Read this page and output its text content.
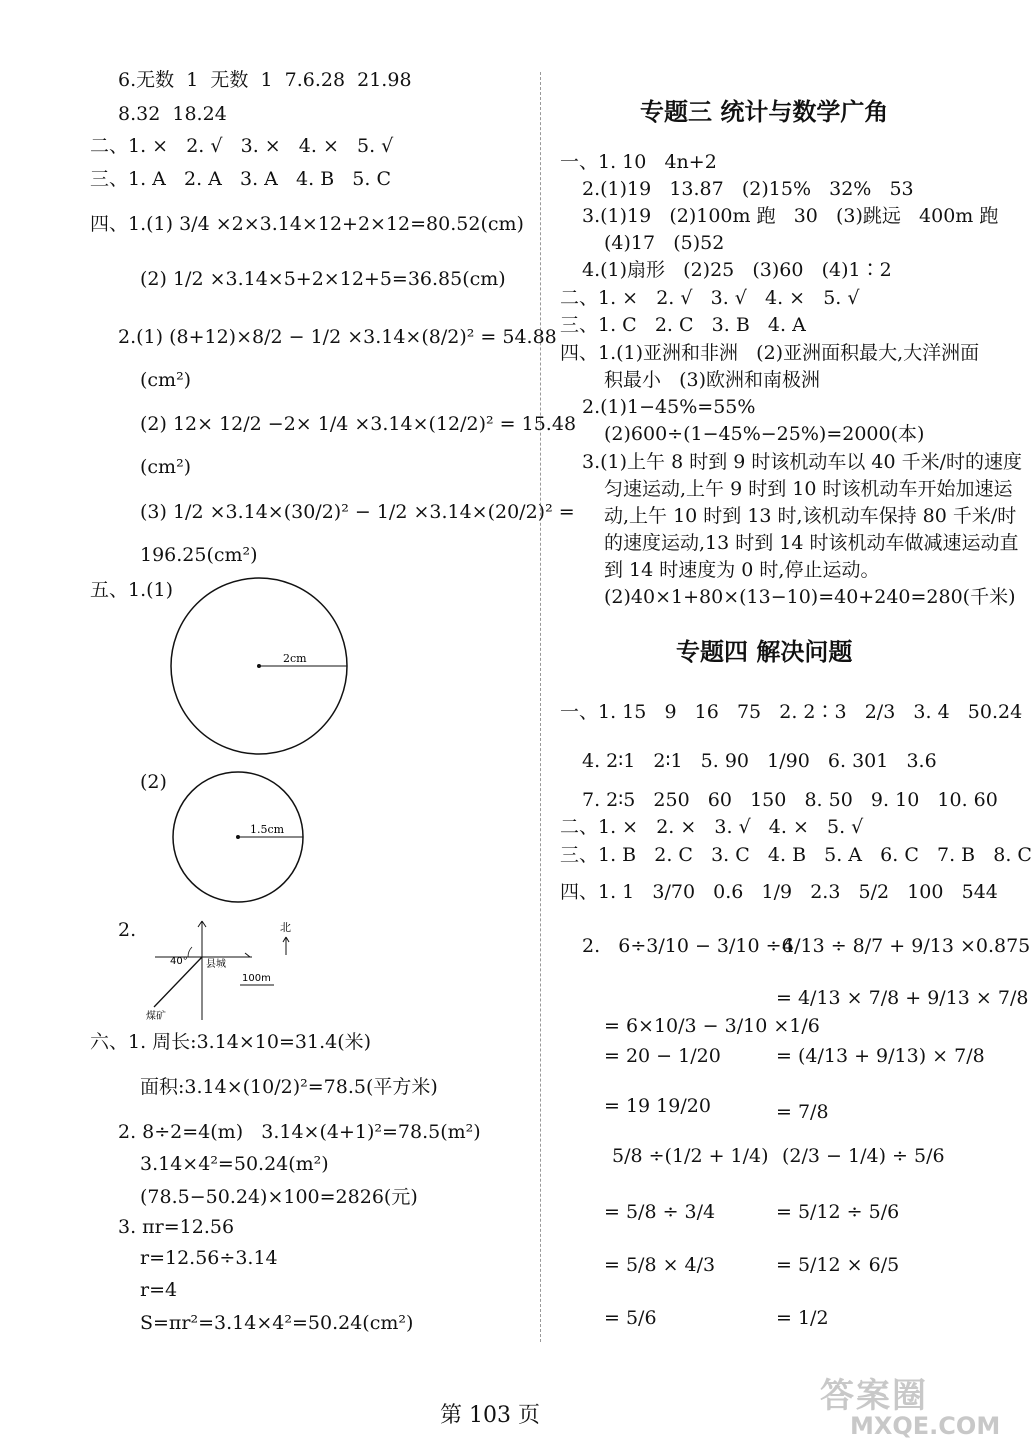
6.无数  1  无数  1  7.6.28  21.98
8.32  18.24
二、1. ×   2. √   3. ×   4. ×   5. √
三、1. A   2. A   3. A   4. B   5. C
四、1.(1) 3/4 ×2×3.14×12+2×12=80.52(cm)
(2) 1/2 ×3.14×5+2×12+5=36.85(cm)
2.(1) (8+12)×8/2 − 1/2 ×3.14×(8/2)² = 54.88
(cm²)
(2) 12× 12/2 −2× 1/4 ×3.14×(12/2)² = 15.48
(cm²)
(3) 1/2 ×3.14×(30/2)² − 1/2 ×3.14×(20/2)² =
196.25(cm²)
五、1.(1)
2cm
(2)
1.5cm
2.
40° 县城
100m
煤矿
北
六、1. 周长:3.14×10=31.4(米)
面积:3.14×(10/2)²=78.5(平方米)
2. 8÷2=4(m)   3.14×(4+1)²=78.5(m²)
3.14×4²=50.24(m²)
(78.5−50.24)×100=2826(元)
3. πr=12.56
r=12.56÷3.14
r=4
S=πr²=3.14×4²=50.24(cm²)
专题三 统计与数学广角
一、1. 10   4n+2
2.(1)19   13.87   (2)15%   32%   53
3.(1)19   (2)100m 跑   30   (3)跳远   400m 跑
(4)17   (5)52
4.(1)扇形   (2)25   (3)60   (4)1∶2
二、1. ×   2. √   3. √   4. ×   5. √
三、1. C   2. C   3. B   4. A
四、1.(1)亚洲和非洲   (2)亚洲面积最大,大洋洲面
积最小   (3)欧洲和南极洲
2.(1)1−45%=55%
(2)600÷(1−45%−25%)=2000(本)
3.(1)上午 8 时到 9 时该机动车以 40 千米/时的速度
匀速运动,上午 9 时到 10 时该机动车开始加速运
动,上午 10 时到 13 时,该机动车保持 80 千米/时
的速度运动,13 时到 14 时该机动车做减速运动直
到 14 时速度为 0 时,停止运动。
(2)40×1+80×(13−10)=40+240=280(千米)
专题四 解决问题
一、1. 15   9   16   75   2. 2∶3   2/3   3. 4   50.24
4. 2∶1   2∶1   5. 90   1/90   6. 301   3.6
7. 2∶5   250   60   150   8. 50   9. 10   10. 60
二、1. ×   2. ×   3. √   4. ×   5. √
三、1. B   2. C   3. C   4. B   5. A   6. C   7. B   8. C
四、1. 1   3/70   0.6   1/9   2.3   5/2   100   544
2.   6÷3/10 − 3/10 ÷6
= 6×10/3 − 3/10 ×1/6
= 20 − 1/20
= 19 19/20
5/8 ÷(1/2 + 1/4)
= 5/8 ÷ 3/4
= 5/8 × 4/3
= 5/6
4/13 ÷ 8/7 + 9/13 ×0.875
= 4/13 × 7/8 + 9/13 × 7/8
= (4/13 + 9/13) × 7/8
= 7/8
(2/3 − 1/4) ÷ 5/6
= 5/12 ÷ 5/6
= 5/12 × 6/5
= 1/2
第 103 页	答案圈
MXQE.COM
